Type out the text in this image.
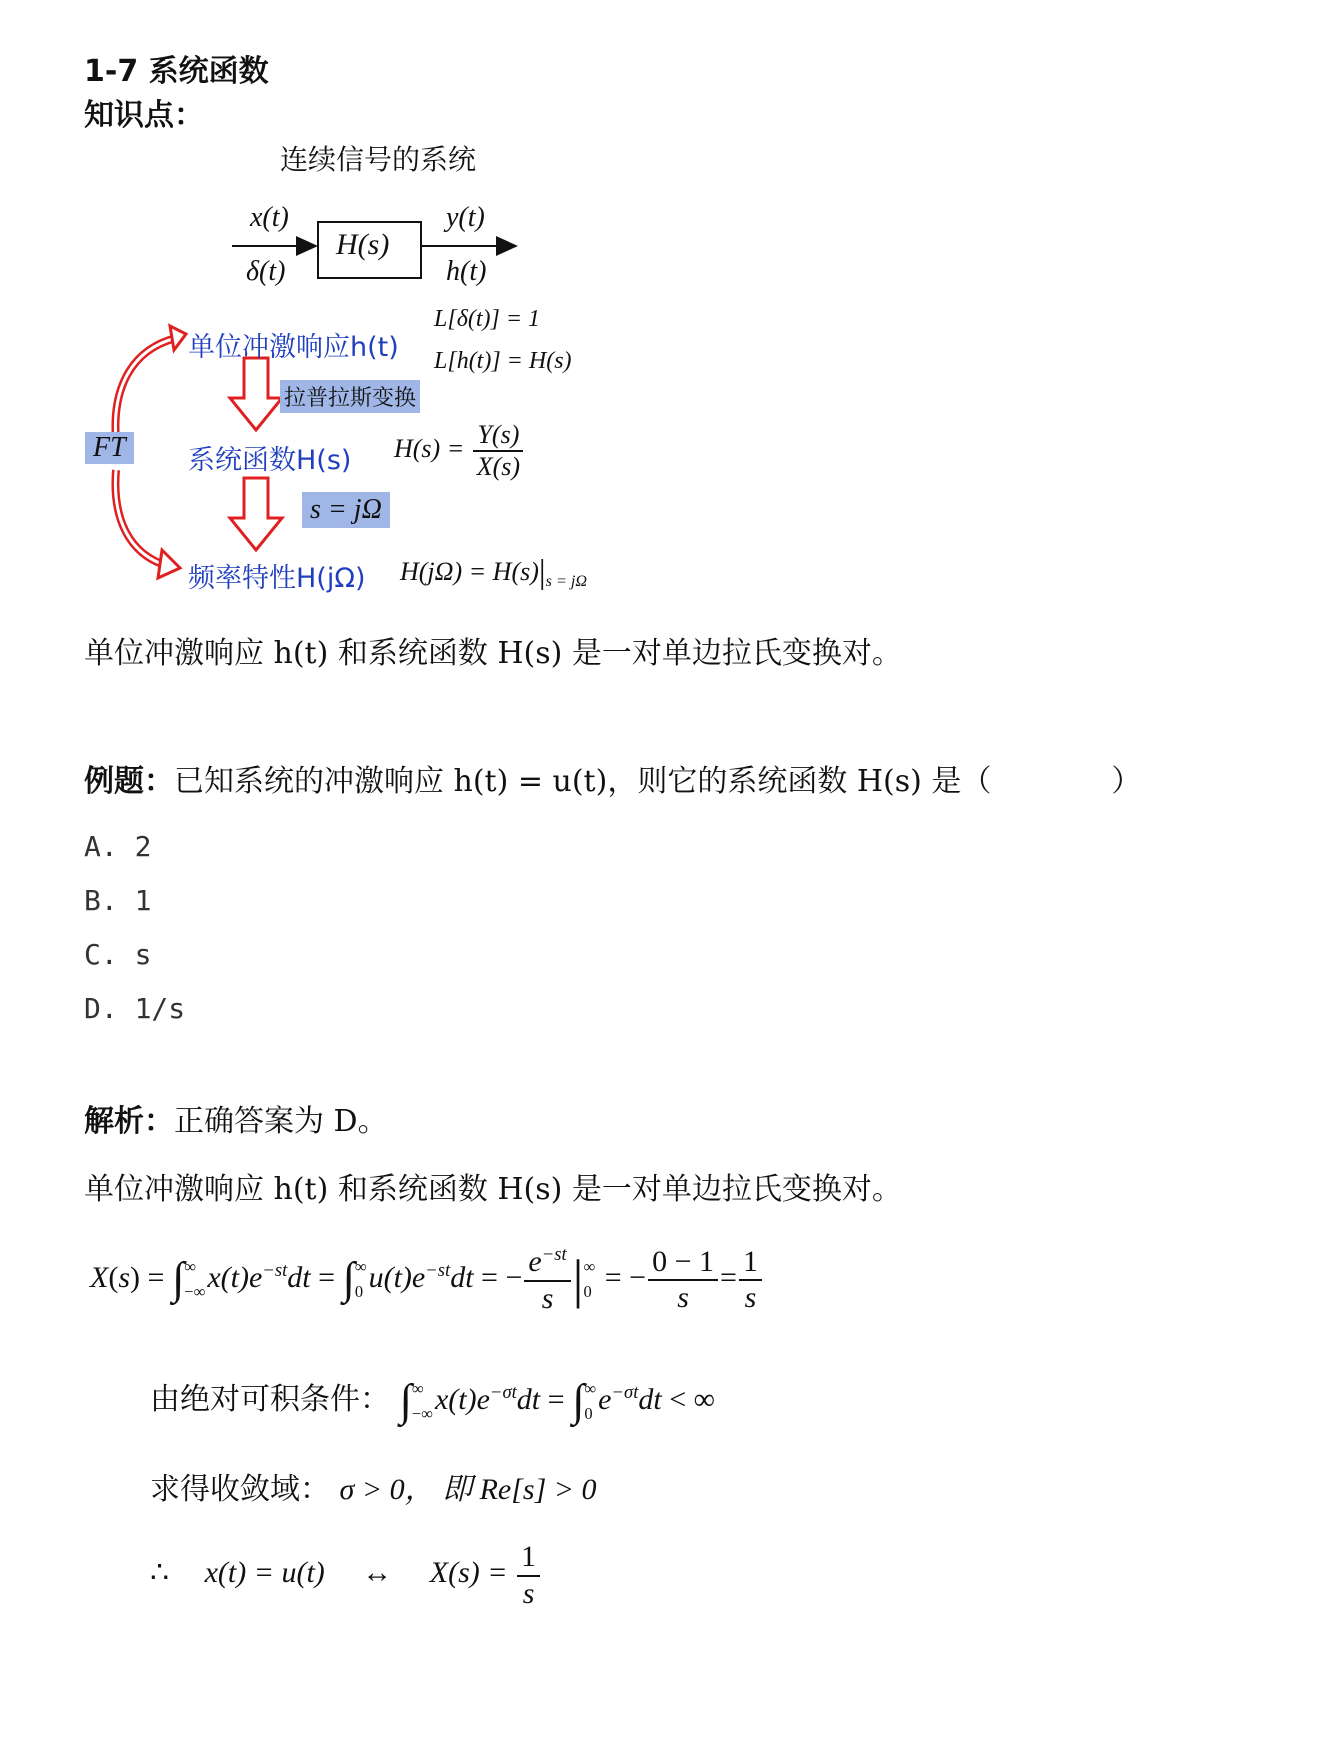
1-7 系统函数
知识点：
连续信号的系统
x(t)
δ(t)
H(s)
y(t)
h(t)
L[δ(t)] = 1
L[h(t)] = H(s)
单位冲激响应h(t)
拉普拉斯变换
FT 系统函数H(s) $H(s) = \frac{Y(s)}{X(s)}$
s = jΩ
频率特性H(jΩ) $H(j\Omega) = H(s)|_{s = j\Omega}$
单位冲激响应 h(t) 和系统函数 H(s) 是一对单边拉氏变换对。
例题：已知系统的冲激响应 h(t) = u(t)，则它的系统函数 H(s) 是（　　　　）
A. 2
B. 1
C. s
D. 1/s
解析：正确答案为 D。
单位冲激响应 h(t) 和系统函数 H(s) 是一对单边拉氏变换对。
X(s) = ∫ ∞
−∞ $x(t)e^{-st}dt$ = ∫ ∞
0 $u(t)e^{-st}dt$ = − $\frac{e^{-st}}{s}$ | ∞
0 = − $\frac{0 - 1}{s} = \frac{1}{s}$
由绝对可积条件： ∫ ∞
−∞ $x(t)e^{-\sigma t}dt$ = ∫ ∞
0 $e^{-\sigma t}dt$ < ∞
求得收敛域： σ > 0， 即 Re[s] > 0
∴ x(t) = u(t) ↔ $X(s) = \frac{1}{s}$
